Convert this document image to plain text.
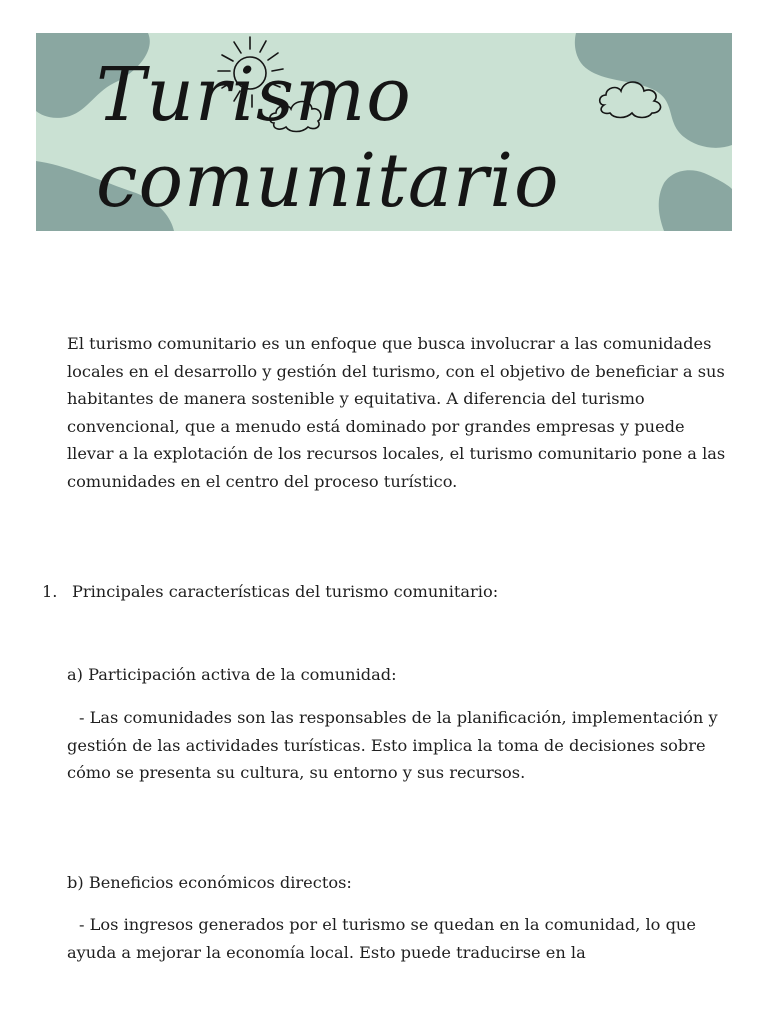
Turismo comunitario
El turismo comunitario es un enfoque que busca involucrar a las comunidades locales en el desarrollo y gestión del turismo, con el objetivo de beneficiar a sus habitantes de manera sostenible y equitativa. A diferencia del turismo convencional, que a menudo está dominado por grandes empresas y puede llevar a la explotación de los recursos locales, el turismo comunitario pone a las comunidades en el centro del proceso turístico.
1. Principales características del turismo comunitario:
a) Participación activa de la comunidad:
- Las comunidades son las responsables de la planificación, implementación y gestión de las actividades turísticas. Esto implica la toma de decisiones sobre cómo se presenta su cultura, su entorno y sus recursos.
b) Beneficios económicos directos:
- Los ingresos generados por el turismo se quedan en la comunidad, lo que ayuda a mejorar la economía local. Esto puede traducirse en la
